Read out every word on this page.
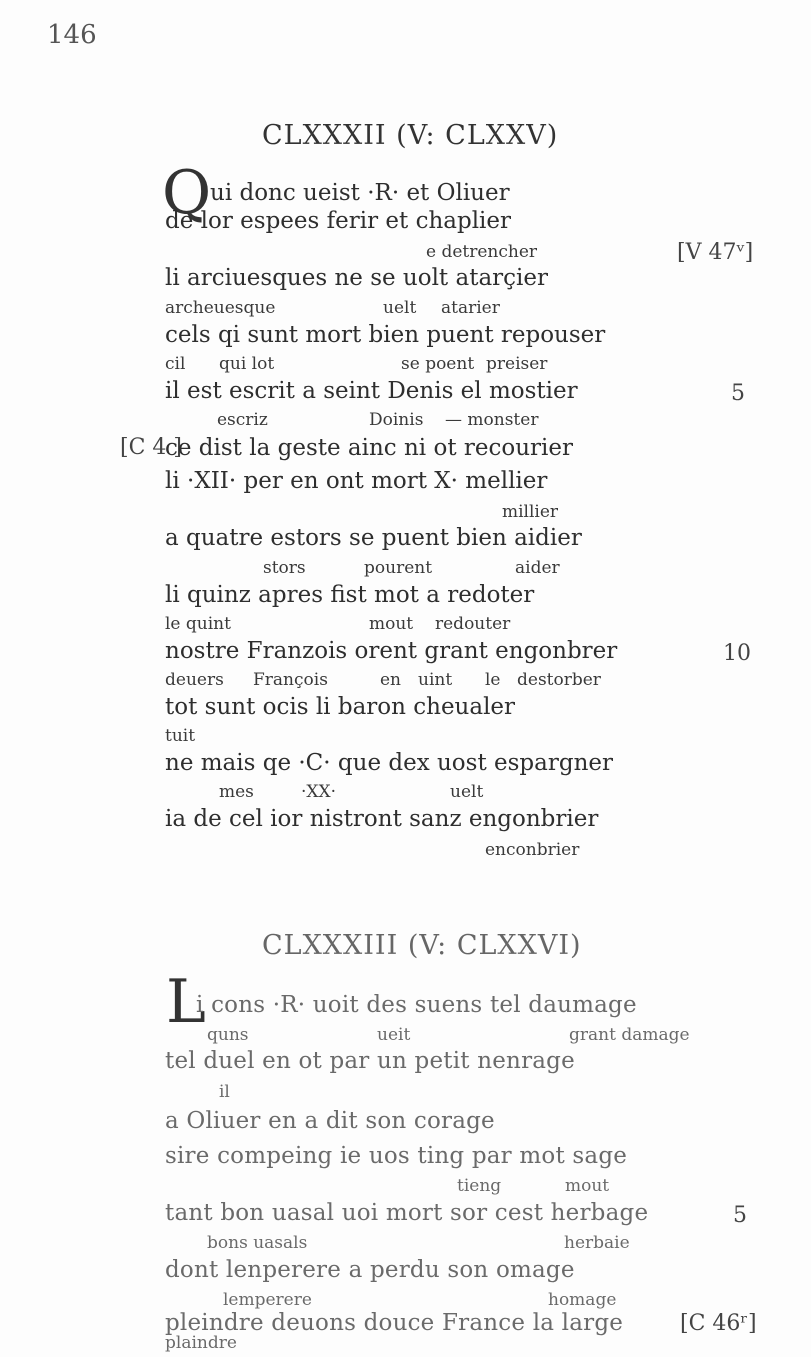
146
CLXXXII (V: CLXXV)
Q
ui donc ueist ·R· et Oliuer
de lor espees ferir et chaplier
e detrencher	[V 47ᵛ]
li arciuesques ne se uolt atarçier
archeuesque	uelt atarier
cels qi sunt mort bien puent repouser
cil qui lot	se poent preiser
il est escrit a seint Denis el mostier	5
escriz	Doinis — monster
[C 4 ]
ce dist la geste ainc ni ot recourier
li ·XII· per en ont mort X· mellier
millier
a quatre estors se puent bien aidier
stors	pourent	aider
li quinz apres fist mot a redoter
le quint	mout redouter
nostre Franzois orent grant engonbrer	10
deuers François	en uint le destorber
tot sunt ocis li baron cheualer
tuit
ne mais qe ·C· que dex uost espargner
mes	·XX·	uelt
ia de cel ior nistront sanz engonbrier
enconbrier
CLXXXIII (V: CLXXVI)
L
i cons ·R· uoit des suens tel daumage
quns	ueit	grant damage
tel duel en ot par un petit nenrage
il
a Oliuer en a dit son corage
sire compeing ie uos ting par mot sage
tieng	mout
tant bon uasal uoi mort sor cest herbage	5
bons uasals	herbaie
dont lenperere a perdu son omage
lemperere	homage
pleindre deuons douce France la large	[C 46ʳ]
plaindre
